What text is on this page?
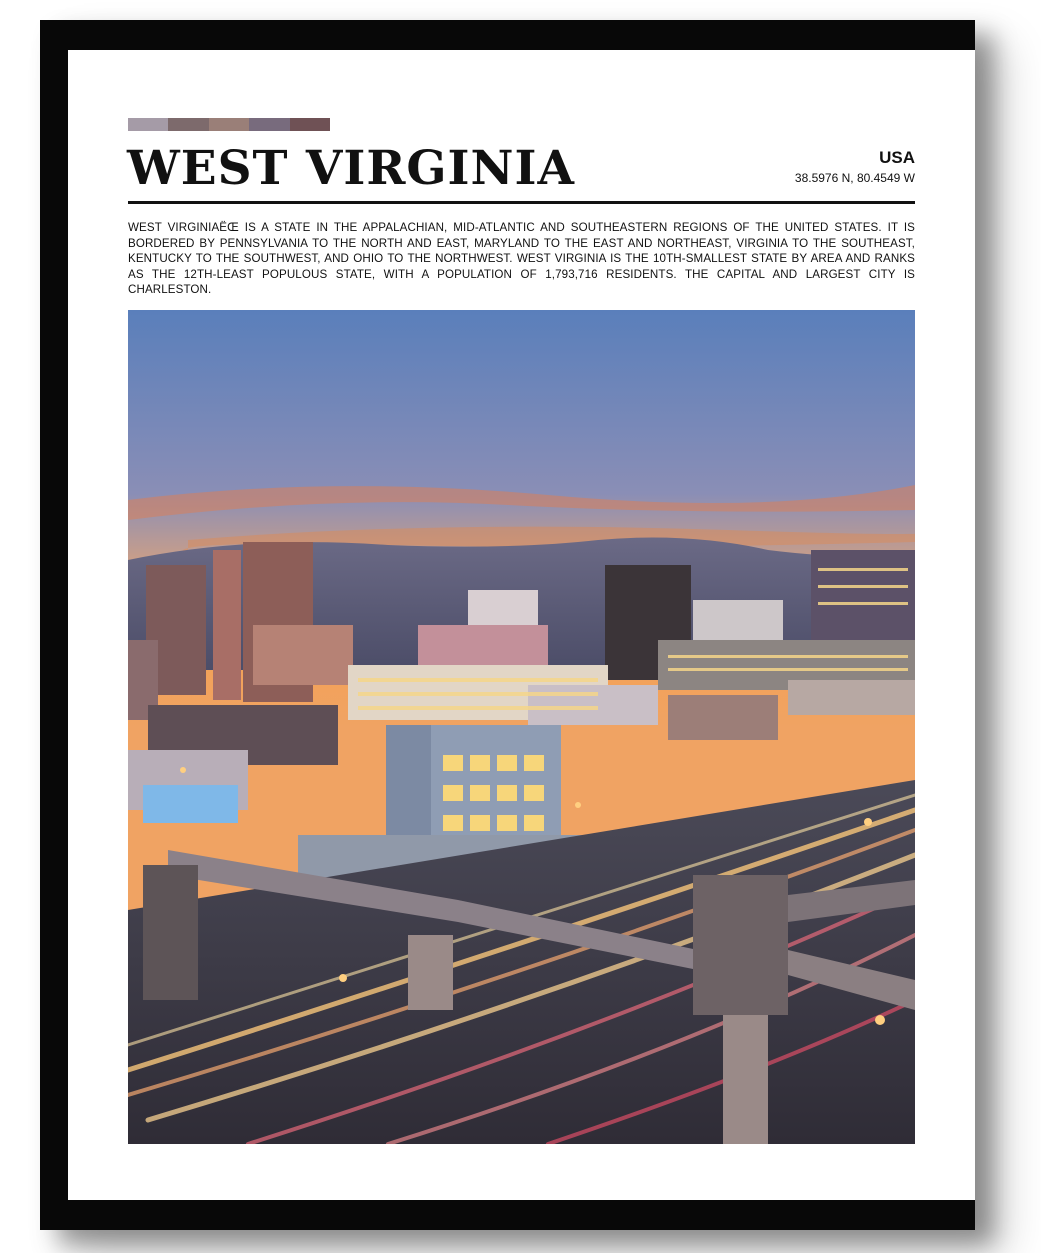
WEST VIRGINIA	USA
38.5976 N, 80.4549 W
WEST VIRGINIAËŒ IS A STATE IN THE APPALACHIAN, MID-ATLANTIC AND SOUTHEASTERN REGIONS OF THE UNITED STATES. IT IS BORDERED BY PENNSYLVANIA TO THE NORTH AND EAST, MARYLAND TO THE EAST AND NORTHEAST, VIRGINIA TO THE SOUTHEAST, KENTUCKY TO THE SOUTHWEST, AND OHIO TO THE NORTHWEST. WEST VIRGINIA IS THE 10TH-SMALLEST STATE BY AREA AND RANKS AS THE 12TH-LEAST POPULOUS STATE, WITH A POPULATION OF 1,793,716 RESIDENTS. THE CAPITAL AND LARGEST CITY IS CHARLESTON.
